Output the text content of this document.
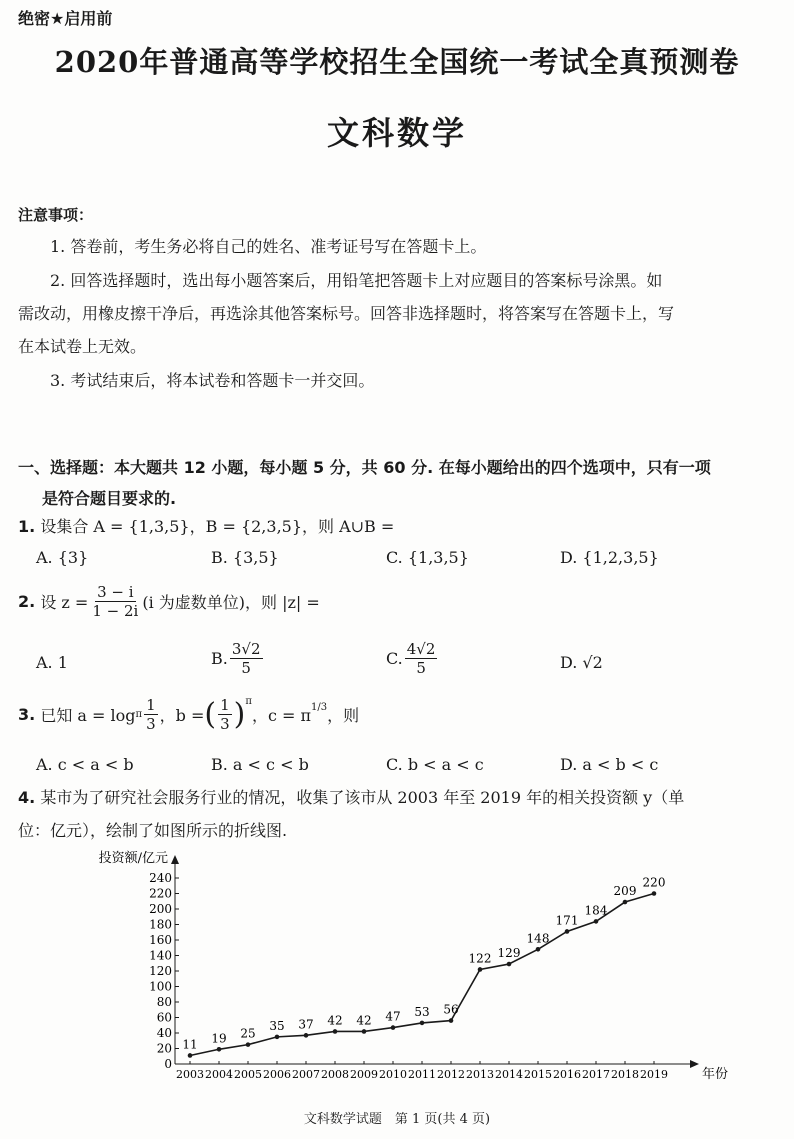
绝密★启用前
2020年普通高等学校招生全国统一考试全真预测卷
文科数学
注意事项：
1. 答卷前，考生务必将自己的姓名、准考证号写在答题卡上。
2. 回答选择题时，选出每小题答案后，用铅笔把答题卡上对应题目的答案标号涂黑。如
需改动，用橡皮擦干净后，再选涂其他答案标号。回答非选择题时，将答案写在答题卡上，写
在本试卷上无效。
3. 考试结束后，将本试卷和答题卡一并交回。
一、选择题：本大题共 12 小题，每小题 5 分，共 60 分. 在每小题给出的四个选项中，只有一项
是符合题目要求的.
1. 设集合 A = {1,3,5}，B = {2,3,5}，则 A∪B =
A. {3}	B. {3,5}	C. {1,3,5}	D. {1,2,3,5}
2.
设 $z = \frac{3 - i}{1 - 2i} (i$ 为虚数单位)，则 |z| =
A. 1	B. $\frac{3√2}{5}$	C. $\frac{4√2}{5}$	D. √2
3.
已知 a = log π $\frac{1}{3}$ ，b = ( $\frac{1}{3} )^\pi$
，$c = \pi^{1/3}$ ，则
A. c < a < b	B. a < c < b	C. b < a < c	D. a < b < c
4. 某市为了研究社会服务行业的情况，收集了该市从 2003 年至 2019 年的相关投资额 y（单
位：亿元），绘制了如图所示的折线图.
投资额/亿元
年份
0
20
40
60
80
100
120
140
160
180
200
220
240
2003 2004 2005 2006 2007 2008 2009 2010 2011 2012 2013 2014 2015 2016 2017 2018 2019
11 19 25
35 37 42 42 47 53 56
122 129
148
171
184
209
220
文科数学试题　第 1 页(共 4 页)
